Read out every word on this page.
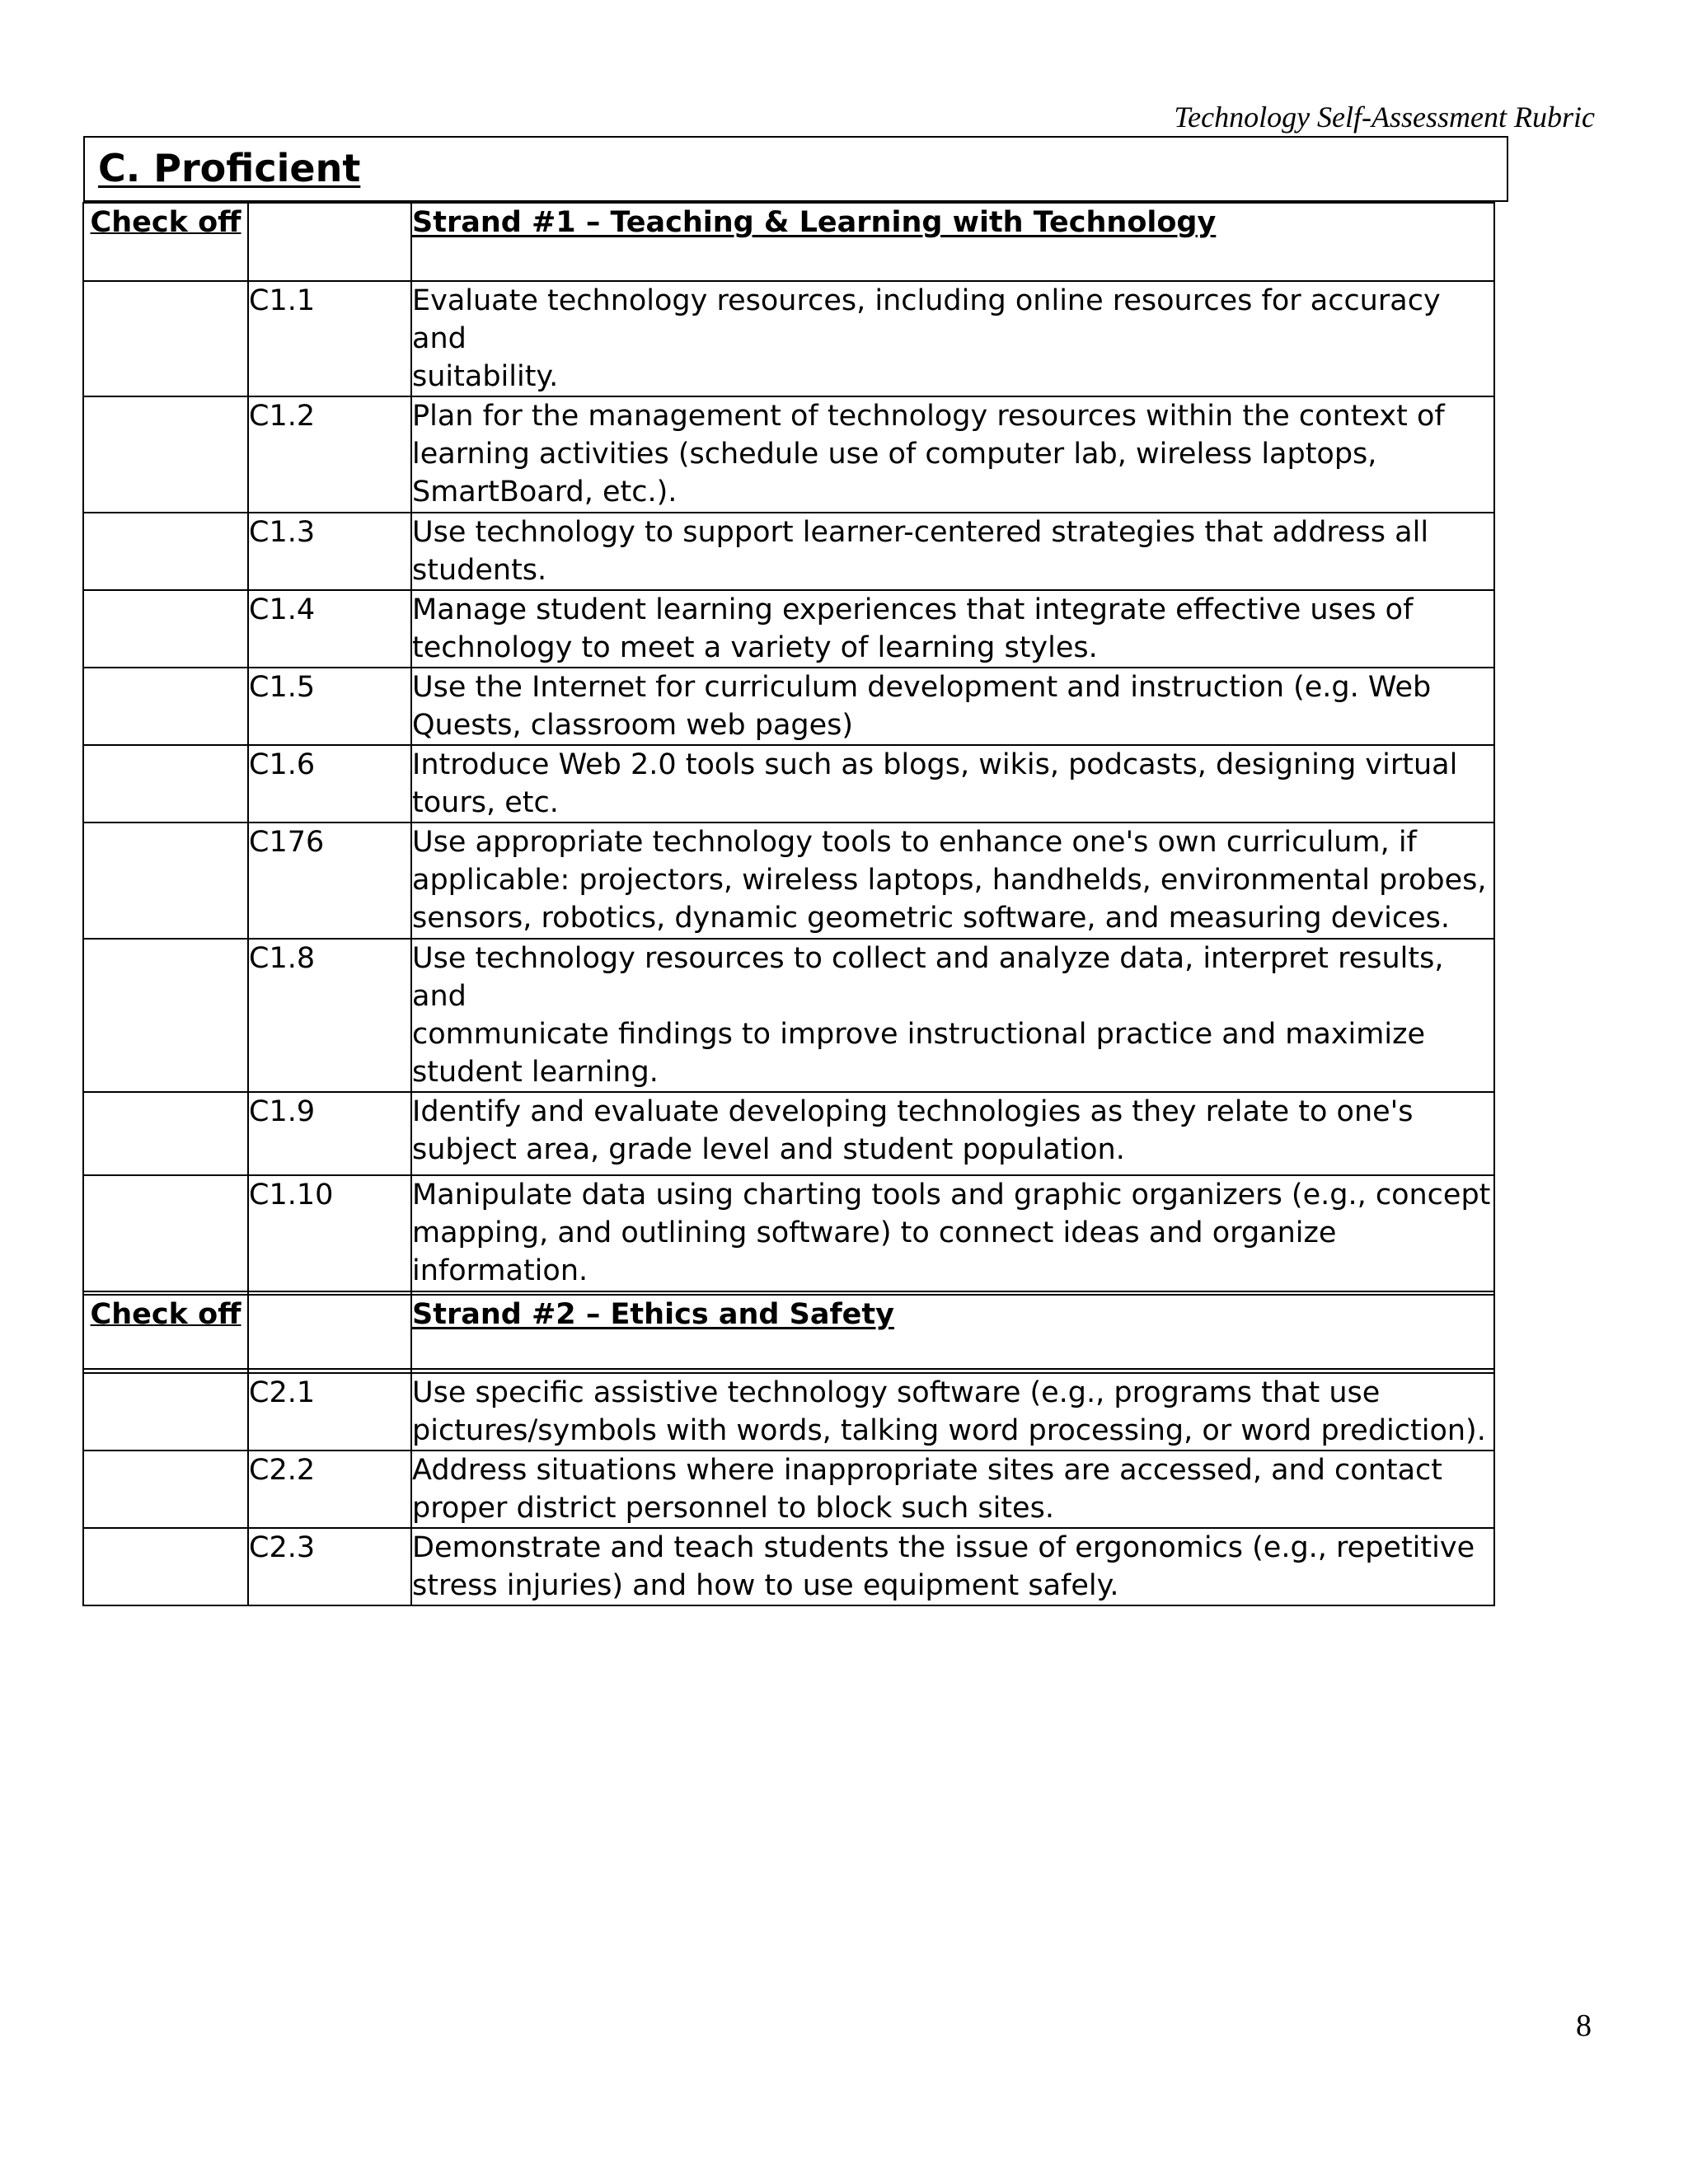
Technology Self-Assessment Rubric
C. Proficient
Check off		Strand #1 – Teaching & Learning with Technology
	C1.1	Evaluate technology resources, including online resources for accuracy and
suitability.

	C1.2	Plan for the management of technology resources within the context of
learning activities (schedule use of computer lab, wireless laptops,
SmartBoard, etc.).

	C1.3	Use technology to support learner-centered strategies that address all
students.

	C1.4	Manage student learning experiences that integrate effective uses of
technology to meet a variety of learning styles.

	C1.5	Use the Internet for curriculum development and instruction (e.g. Web
Quests, classroom web pages)

	C1.6	Introduce Web 2.0 tools such as blogs, wikis, podcasts, designing virtual
tours, etc.

	C176	Use appropriate technology tools to enhance one's own curriculum, if
applicable: projectors, wireless laptops, handhelds, environmental probes,
sensors, robotics, dynamic geometric software, and measuring devices.

	C1.8	Use technology resources to collect and analyze data, interpret results, and
communicate findings to improve instructional practice and maximize
student learning.

	C1.9	Identify and evaluate developing technologies as they relate to one's
subject area, grade level and student population.

	C1.10	Manipulate data using charting tools and graphic organizers (e.g., concept
mapping, and outlining software) to connect ideas and organize
information.

Check off		Strand #2 – Ethics and Safety
	C2.1	Use specific assistive technology software (e.g., programs that use
pictures/symbols with words, talking word processing, or word prediction).

	C2.2	Address situations where inappropriate sites are accessed, and contact
proper district personnel to block such sites.

	C2.3	Demonstrate and teach students the issue of ergonomics (e.g., repetitive
stress injuries) and how to use equipment safely.
8
